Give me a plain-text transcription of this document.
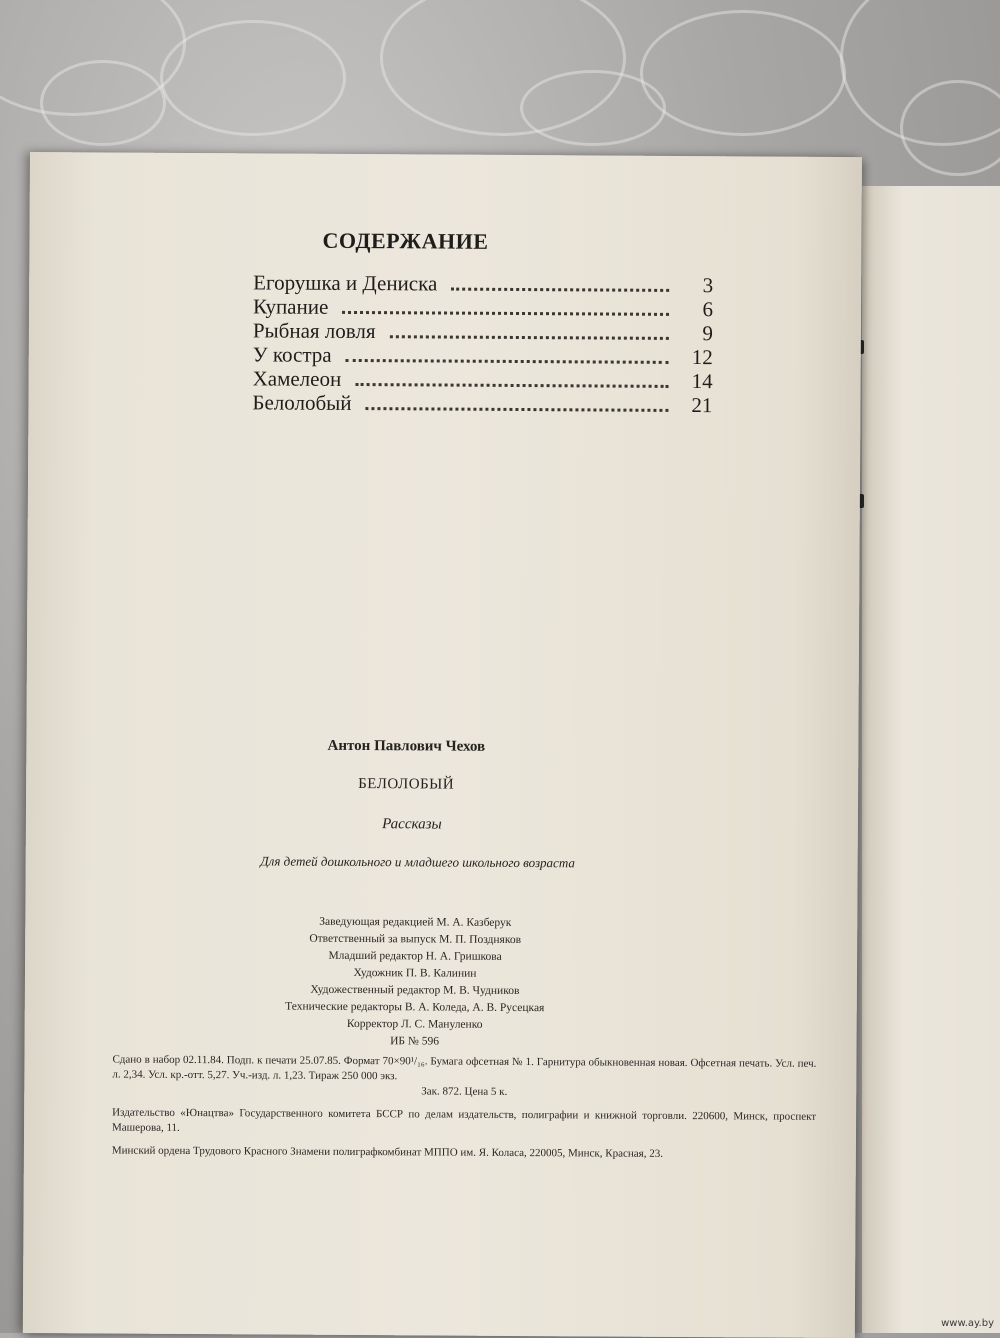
СОДЕРЖАНИЕ
Егорушка и Дениска	3
Купание	6
Рыбная ловля	9
У костра	12
Хамелеон	14
Белолобый	21
Антон Павлович Чехов
БЕЛОЛОБЫЙ
Рассказы
Для детей дошкольного и младшего школьного возраста
Заведующая редакцией М. А. Казберук
Ответственный за выпуск М. П. Поздняков
Младший редактор Н. А. Гришкова
Художник П. В. Калинин
Художественный редактор М. В. Чудников
Технические редакторы В. А. Коледа, А. В. Русецкая
Корректор Л. С. Мануленко
ИБ № 596

Сдано в набор 02.11.84. Подп. к печати 25.07.85. Формат 70×90¹/₁₆. Бумага офсетная № 1. Гарнитура обыкновенная новая. Офсетная печать. Усл. печ. л. 2,34. Усл. кр.-отт. 5,27. Уч.-изд. л. 1,23. Тираж 250 000 экз.
Зак. 872. Цена 5 к.

Издательство «Юнацтва» Государственного комитета БССР по делам издательств, полиграфии и книжной торговли. 220600, Минск, проспект Машерова, 11.

Минский ордена Трудового Красного Знамени полиграфкомбинат МППО им. Я. Коласа, 220005, Минск, Красная, 23.

www.ay.by
